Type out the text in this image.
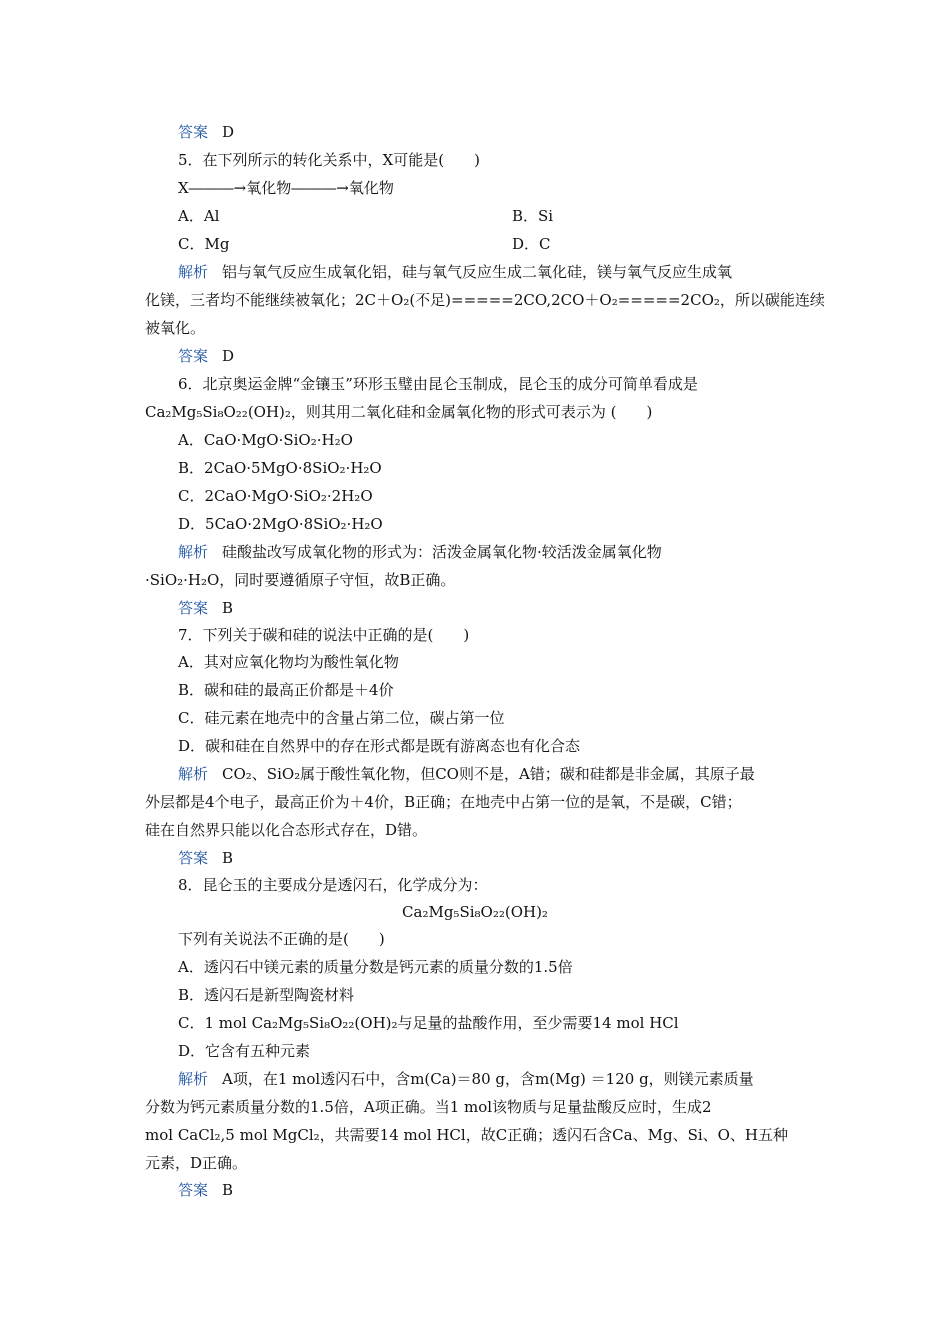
答案 D
5．在下列所示的转化关系中，X可能是(　　)
X―――→氧化物―――→氧化物
A．Al	B．Si
C．Mg	D．C
解析 铝与氧气反应生成氧化铝，硅与氧气反应生成二氧化硅，镁与氧气反应生成氧
化镁，三者均不能继续被氧化；2C＋O₂(不足)=====2CO,2CO＋O₂=====2CO₂，所以碳能连续
被氧化。
答案 D
6．北京奥运金牌“金镶玉”环形玉璧由昆仑玉制成，昆仑玉的成分可简单看成是
Ca₂Mg₅Si₈O₂₂(OH)₂，则其用二氧化硅和金属氧化物的形式可表示为 (　　)
A．CaO·MgO·SiO₂·H₂O
B．2CaO·5MgO·8SiO₂·H₂O
C．2CaO·MgO·SiO₂·2H₂O
D．5CaO·2MgO·8SiO₂·H₂O
解析 硅酸盐改写成氧化物的形式为：活泼金属氧化物·较活泼金属氧化物
·SiO₂·H₂O，同时要遵循原子守恒，故B正确。
答案 B
7．下列关于碳和硅的说法中正确的是(　　)
A．其对应氧化物均为酸性氧化物
B．碳和硅的最高正价都是＋4价
C．硅元素在地壳中的含量占第二位，碳占第一位
D．碳和硅在自然界中的存在形式都是既有游离态也有化合态
解析 CO₂、SiO₂属于酸性氧化物，但CO则不是，A错；碳和硅都是非金属，其原子最
外层都是4个电子，最高正价为＋4价，B正确；在地壳中占第一位的是氧，不是碳，C错；
硅在自然界只能以化合态形式存在，D错。
答案 B
8．昆仑玉的主要成分是透闪石，化学成分为：
Ca₂Mg₅Si₈O₂₂(OH)₂
下列有关说法不正确的是(　　)
A．透闪石中镁元素的质量分数是钙元素的质量分数的1.5倍
B．透闪石是新型陶瓷材料
C．1 mol Ca₂Mg₅Si₈O₂₂(OH)₂与足量的盐酸作用，至少需要14 mol HCl
D．它含有五种元素
解析 A项，在1 mol透闪石中，含m(Ca)＝80 g，含m(Mg) ＝120 g，则镁元素质量
分数为钙元素质量分数的1.5倍，A项正确。当1 mol该物质与足量盐酸反应时，生成2
mol CaCl₂,5 mol MgCl₂，共需要14 mol HCl，故C正确；透闪石含Ca、Mg、Si、O、H五种
元素，D正确。
答案 B
